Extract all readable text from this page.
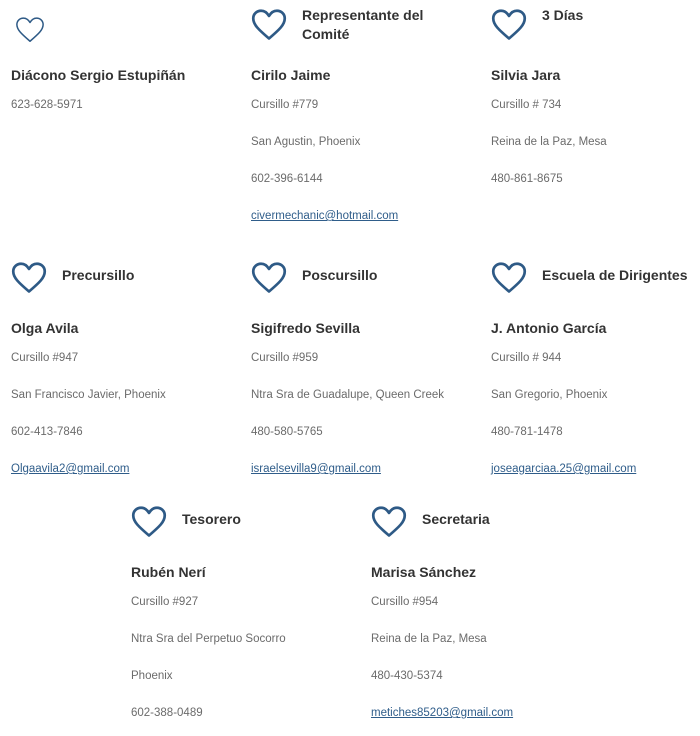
Diácono Sergio Estupiñán
623-628-5971
Representante del Comité
Cirilo Jaime
Cursillo #779
San Agustin, Phoenix
602-396-6144
civermechanic@hotmail.com
3 Días
Silvia Jara
Cursillo # 734
Reina de la Paz, Mesa
480-861-8675
Precursillo
Olga Avila
Cursillo #947
San Francisco Javier, Phoenix
602-413-7846
Olgaavila2@gmail.com
Poscursillo
Sigifredo Sevilla
Cursillo #959
Ntra Sra de Guadalupe, Queen Creek
480-580-5765
israelsevilla9@gmail.com
Escuela de Dirigentes
J. Antonio García
Cursillo # 944
San Gregorio, Phoenix
480-781-1478
joseagarciaa.25@gmail.com
Tesorero
Rubén Nerí
Cursillo #927
Ntra Sra del Perpetuo Socorro
Phoenix
602-388-0489
Secretaria
Marisa Sánchez
Cursillo #954
Reina de la Paz, Mesa
480-430-5374
metiches85203@gmail.com
